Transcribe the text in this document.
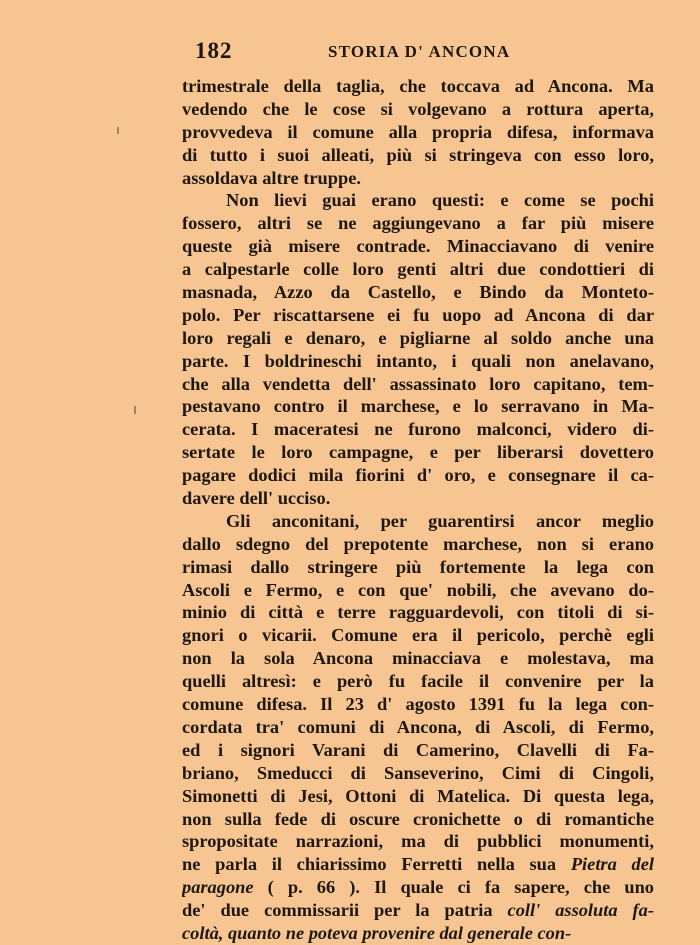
182	STORIA D' ANCONA
trimestrale della taglia, che toccava ad Ancona. Ma
vedendo che le cose si volgevano a rottura aperta,
provvedeva il comune alla propria difesa, informava
di tutto i suoi alleati, più si stringeva con esso loro,
assoldava altre truppe.
Non lievi guai erano questi: e come se pochi
fossero, altri se ne aggiungevano a far più misere
queste già misere contrade. Minacciavano di venire
a calpestarle colle loro genti altri due condottieri di
masnada, Azzo da Castello, e Bindo da Monteto-
polo. Per riscattarsene ei fu uopo ad Ancona di dar
loro regali e denaro, e pigliarne al soldo anche una
parte. I boldrineschi intanto, i quali non anelavano,
che alla vendetta dell' assassinato loro capitano, tem-
pestavano contro il marchese, e lo serravano in Ma-
cerata. I maceratesi ne furono malconci, videro di-
sertate le loro campagne, e per liberarsi dovettero
pagare dodici mila fiorini d' oro, e consegnare il ca-
davere dell' ucciso.
Gli anconitani, per guarentirsi ancor meglio
dallo sdegno del prepotente marchese, non si erano
rimasi dallo stringere più fortemente la lega con
Ascoli e Fermo, e con que' nobili, che avevano do-
minio di città e terre ragguardevoli, con titoli di si-
gnori o vicarii. Comune era il pericolo, perchè egli
non la sola Ancona minacciava e molestava, ma
quelli altresì: e però fu facile il convenire per la
comune difesa. Il 23 d' agosto 1391 fu la lega con-
cordata tra' comuni di Ancona, di Ascoli, di Fermo,
ed i signori Varani di Camerino, Clavelli di Fa-
briano, Smeducci di Sanseverino, Cimi di Cingoli,
Simonetti di Jesi, Ottoni di Matelica. Di questa lega,
non sulla fede di oscure cronichette o di romantiche
spropositate narrazioni, ma di pubblici monumenti,
ne parla il chiarissimo Ferretti nella sua Pietra del
paragone ( p. 66 ). Il quale ci fa sapere, che uno
de' due commissarii per la patria coll' assoluta fa-
coltà, quanto ne poteva provenire dal generale con-
